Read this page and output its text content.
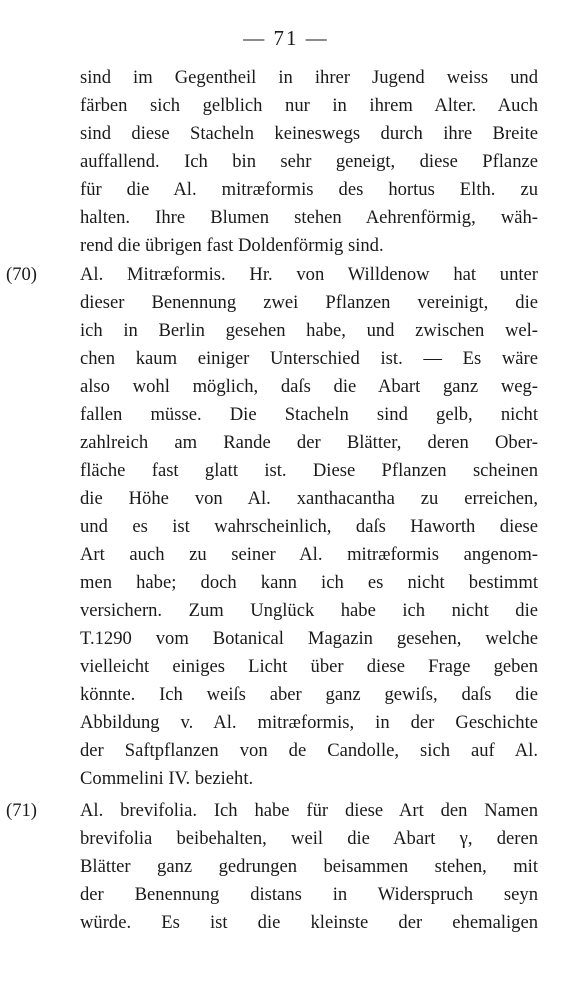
— 71 —
sind im Gegentheil in ihrer Jugend weiss und
färben sich gelblich nur in ihrem Alter. Auch
sind diese Stacheln keineswegs durch ihre Breite
auffallend. Ich bin sehr geneigt, diese Pflanze
für die Al. mitræformis des hortus Elth. zu
halten. Ihre Blumen stehen Aehrenförmig, wäh-
rend die übrigen fast Doldenförmig sind.
(70) Al. Mitræformis. Hr. von Willdenow hat unter
dieser Benennung zwei Pflanzen vereinigt, die
ich in Berlin gesehen habe, und zwischen wel-
chen kaum einiger Unterschied ist. — Es wäre
also wohl möglich, daſs die Abart ganz weg-
fallen müsse. Die Stacheln sind gelb, nicht
zahlreich am Rande der Blätter, deren Ober-
fläche fast glatt ist. Diese Pflanzen scheinen
die Höhe von Al. xanthacantha zu erreichen,
und es ist wahrscheinlich, daſs Haworth diese
Art auch zu seiner Al. mitræformis angenom-
men habe; doch kann ich es nicht bestimmt
versichern. Zum Unglück habe ich nicht die
T.1290 vom Botanical Magazin gesehen, welche
vielleicht einiges Licht über diese Frage geben
könnte. Ich weiſs aber ganz gewiſs, daſs die
Abbildung v. Al. mitræformis, in der Geschichte
der Saftpflanzen von de Candolle, sich auf Al.
Commelini IV. bezieht.
(71) Al. brevifolia. Ich habe für diese Art den Namen
brevifolia beibehalten, weil die Abart γ, deren
Blätter ganz gedrungen beisammen stehen, mit
der Benennung distans in Widerspruch seyn
würde. Es ist die kleinste der ehemaligen
